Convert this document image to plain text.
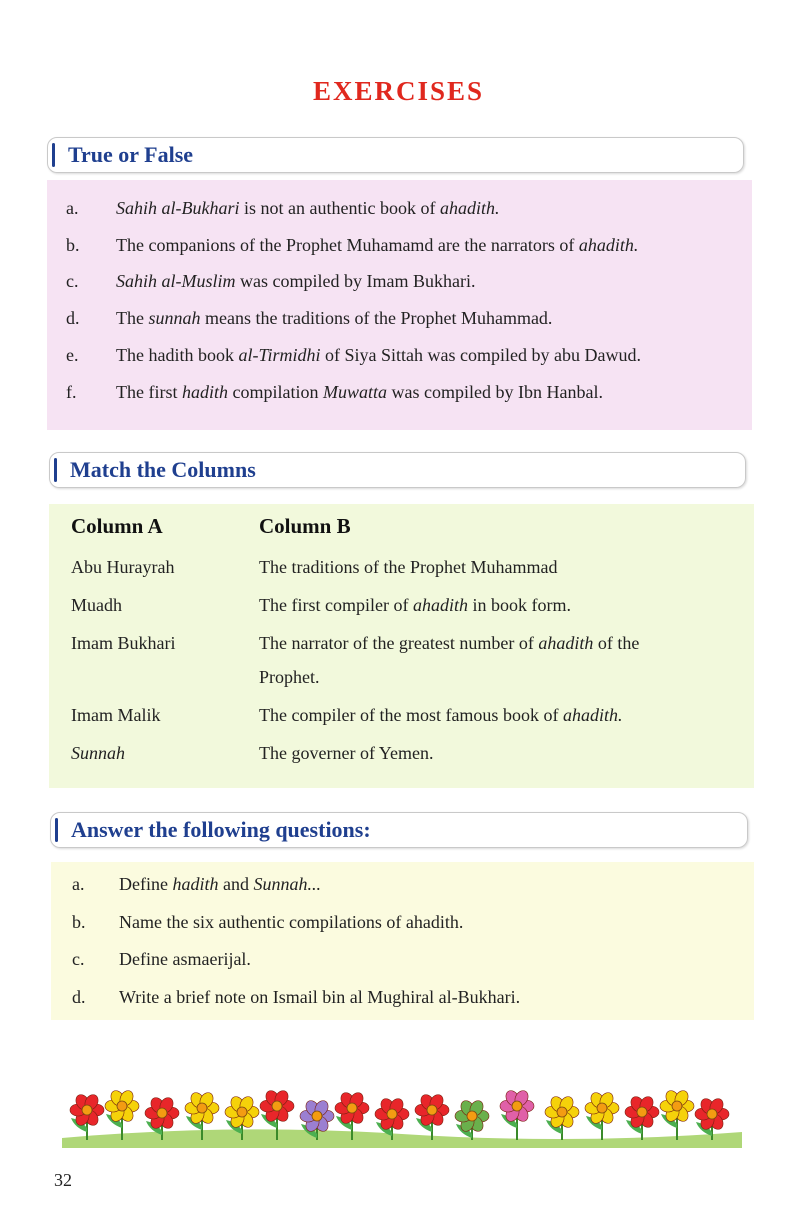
EXERCISES
True or False
a. Sahih al-Bukhari is not an authentic book of ahadith.
b. The companions of the Prophet Muhamamd are the narrators of ahadith.
c. Sahih al-Muslim was compiled by Imam Bukhari.
d. The sunnah means the traditions of the Prophet Muhammad.
e. The hadith book al-Tirmidhi of Siya Sittah was compiled by abu Dawud.
f. The first hadith compilation Muwatta was compiled by Ibn Hanbal.
Match the Columns
Column A	Column B
Abu Hurayrah
Muadh
Imam Bukhari
Imam Malik
Sunnah
The traditions of the Prophet Muhammad
The first compiler of ahadith in book form.
The narrator of the greatest number of ahadith of the
Prophet.
The compiler of the most famous book of ahadith.
The governer of Yemen.
Answer the following questions:
a. Define hadith and Sunnah...
b. Name the six authentic compilations of ahadith.
c. Define asmaerijal.
d. Write a brief note on Ismail bin al Mughiral al-Bukhari.
32
